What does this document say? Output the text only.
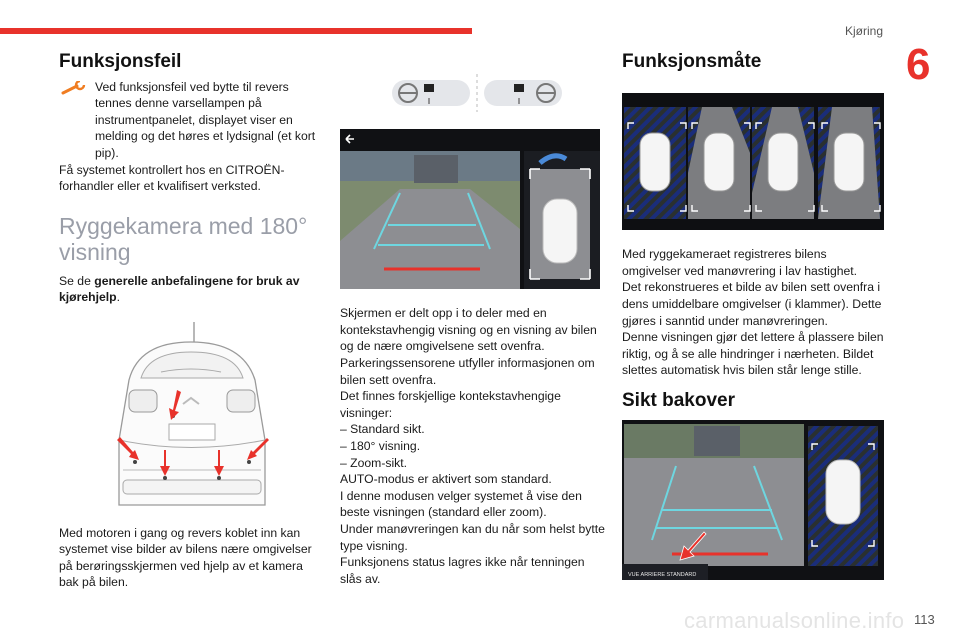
Kjøring
6
Funksjonsfeil

Ved funksjonsfeil ved bytte til revers tennes denne varsellampen på instrumentpanelet, displayet viser en melding og det høres et lydsignal (et kort pip).

Få systemet kontrollert hos en CITROËN-forhandler eller et kvalifisert verksted.

Ryggekamera med 180° visning

Se de generelle anbefalingene for bruk av kjørehjelp.

Med motoren i gang og revers koblet inn kan systemet vise bilder av bilens nære omgivelser på berøringsskjermen ved hjelp av et kamera bak på bilen.

Skjermen er delt opp i to deler med en kontekstavhengig visning og en visning av bilen og de nære omgivelsene sett ovenfra.

Parkeringssensorene utfyller informasjonen om bilen sett ovenfra.

Det finnes forskjellige kontekstavhengige visninger:

– Standard sikt.

– 180° visning.

– Zoom-sikt.

AUTO-modus er aktivert som standard.

I denne modusen velger systemet å vise den beste visningen (standard eller zoom).

Under manøvreringen kan du når som helst bytte type visning.

Funksjonens status lagres ikke når tenningen slås av.

Funksjonsmåte

Med ryggekameraet registreres bilens omgivelser ved manøvrering i lav hastighet.

Det rekonstrueres et bilde av bilen sett ovenfra i dens umiddelbare omgivelser (i klammer). Dette gjøres i sanntid under manøvreringen.

Denne visningen gjør det lettere å plassere bilen riktig, og å se alle hindringer i nærheten. Bildet slettes automatisk hvis bilen står lenge stille.

Sikt bakover
VUE ARRIERE STANDARD
carmanualsonline.info 113
